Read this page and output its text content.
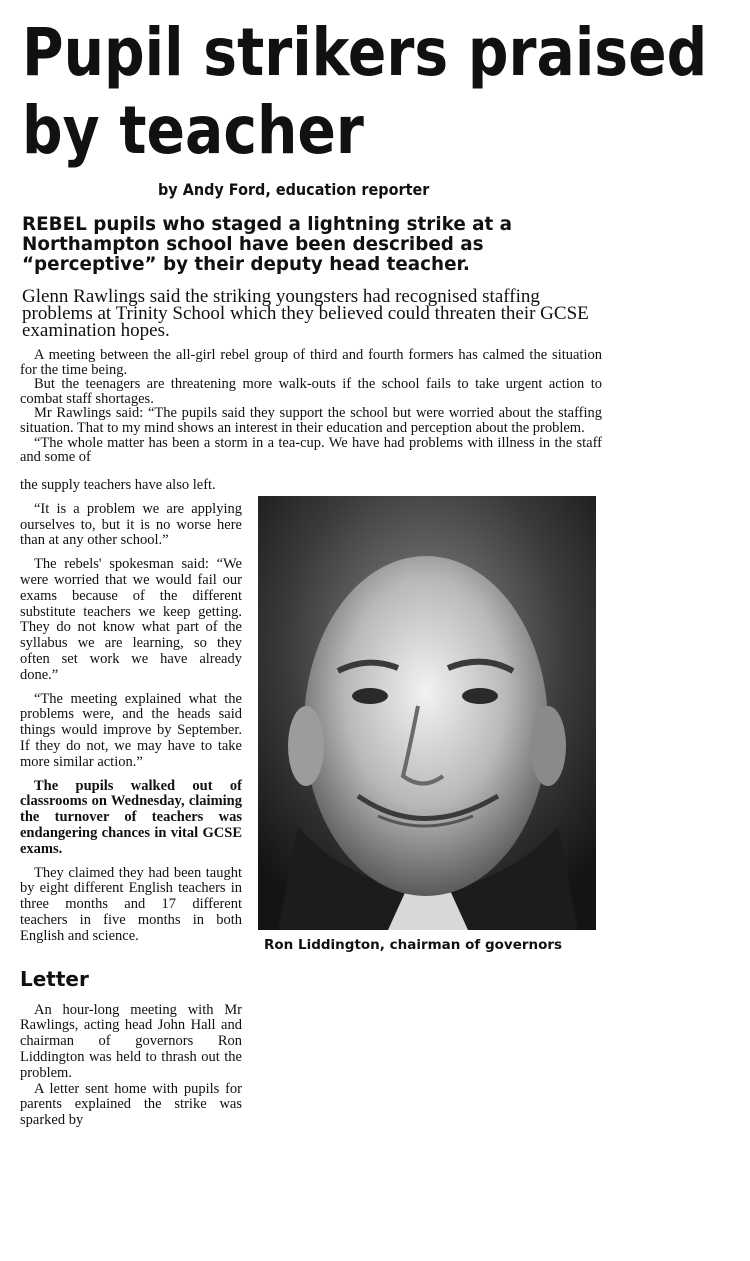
Pupil strikers praised
by teacher
by Andy Ford, education reporter

REBEL pupils who staged a lightning strike at a Northampton school have been described as “perceptive” by their deputy head teacher.

Glenn Rawlings said the striking youngsters had recognised staffing problems at Trinity School which they believed could threaten their GCSE examination hopes.

A meeting between the all-girl rebel group of third and fourth formers has calmed the situation for the time being.

But the teenagers are threatening more walk-outs if the school fails to take urgent action to combat staff shortages.

Mr Rawlings said: “The pupils said they support the school but were worried about the staffing situation. That to my mind shows an interest in their education and perception about the problem.

“The whole matter has been a storm in a tea-cup. We have had problems with illness in the staff and some of

the supply teachers have also left.

“It is a problem we are applying ourselves to, but it is no worse here than at any other school.”

The rebels' spokesman said: “We were worried that we would fail our exams because of the different substitute teachers we keep getting. They do not know what part of the syllabus we are learning, so they often set work we have already done.”

“The meeting explained what the problems were, and the heads said things would improve by September. If they do not, we may have to take more similar action.”

The pupils walked out of classrooms on Wednesday, claiming the turnover of teachers was endangering chances in vital GCSE exams.

They claimed they had been taught by eight different English teachers in three months and 17 different teachers in five months in both English and science.

Letter

An hour-long meeting with Mr Rawlings, acting head John Hall and chairman of governors Ron Liddington was held to thrash out the problem.

A letter sent home with pupils for parents explained the strike was sparked by

Ron Liddington, chairman of governors
